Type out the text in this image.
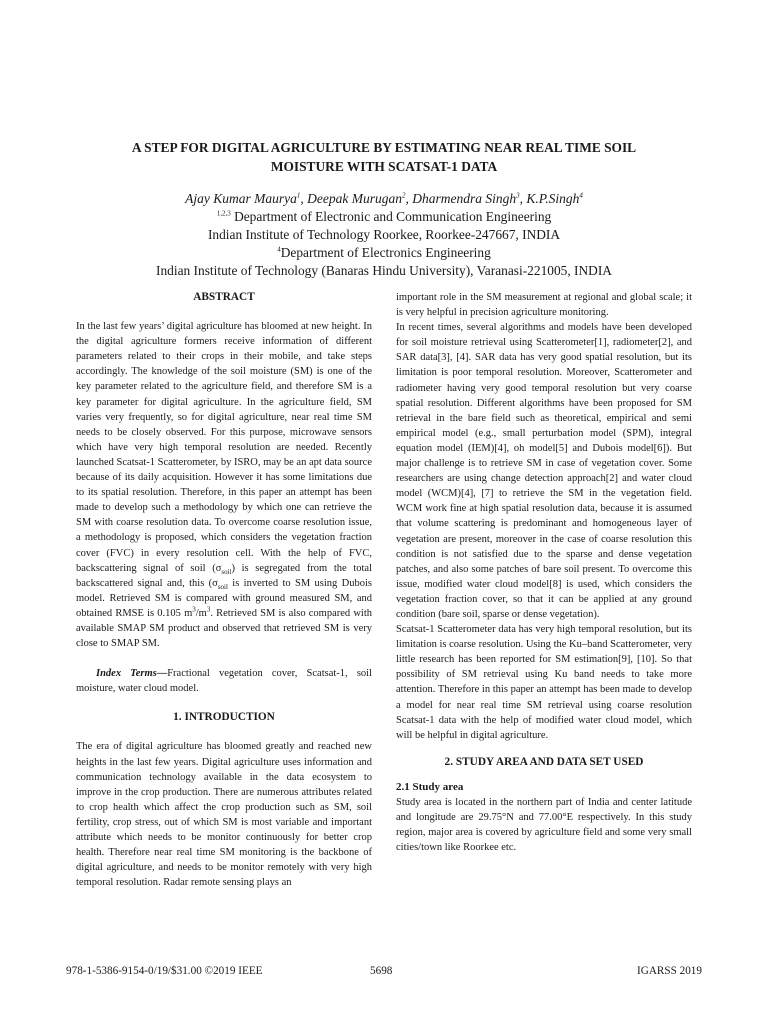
A STEP FOR DIGITAL AGRICULTURE BY ESTIMATING NEAR REAL TIME SOIL
MOISTURE WITH SCATSAT-1 DATA
Ajay Kumar Maurya$^1$, Deepak Murugan$^2$, Dharmendra Singh$^3$, K.P.Singh$^4$
$^{1,2,3}$ Department of Electronic and Communication Engineering
Indian Institute of Technology Roorkee, Roorkee-247667, INDIA
$^4$Department of Electronics Engineering
Indian Institute of Technology (Banaras Hindu University), Varanasi-221005, INDIA

ABSTRACT

In the last few years’ digital agriculture has bloomed at new height. In the digital agriculture formers receive information of different parameters related to their crops in their mobile, and take steps accordingly. The knowledge of the soil moisture (SM) is one of the key parameter related to the agriculture field, and therefore SM is a key parameter for digital agriculture. In the agriculture field, SM varies very frequently, so for digital agriculture, near real time SM needs to be closely observed. For this purpose, microwave sensors which have very high temporal resolution are needed. Recently launched Scatsat-1 Scatterometer, by ISRO, may be an apt data source because of its daily acquisition. However it has some limitations due to its spatial resolution. Therefore, in this paper an attempt has been made to develop such a methodology by which one can retrieve the SM with coarse resolution data. To overcome coarse resolution issue, a methodology is proposed, which considers the vegetation fraction cover (FVC) in every resolution cell. With the help of FVC, backscattering signal of soil $(\sigma_{soil})$ is segregated from the total backscattered signal and, this ($\sigma_{soil}$ is inverted to SM using Dubois model. Retrieved SM is compared with ground measured SM, and obtained RMSE is 0.105 $m^3/m^3$. Retrieved SM is also compared with available SMAP SM product and observed that retrieved SM is very close to SMAP SM.

Index Terms—Fractional vegetation cover, Scatsat-1, soil moisture, water cloud model.

1. INTRODUCTION

The era of digital agriculture has bloomed greatly and reached new heights in the last few years. Digital agriculture uses information and communication technology available in the data ecosystem to improve in the crop production. There are numerous attributes related to crop health which affect the crop production such as SM, soil fertility, crop stress, out of which SM is most variable and important attribute which needs to be monitor continuously for better crop health. Therefore near real time SM monitoring is the backbone of digital agriculture, and needs to be monitor remotely with very high temporal resolution. Radar remote sensing plays an

important role in the SM measurement at regional and global scale; it is very helpful in precision agriculture monitoring.

In recent times, several algorithms and models have been developed for soil moisture retrieval using Scatterometer[1], radiometer[2], and SAR data[3], [4]. SAR data has very good spatial resolution, but its limitation is poor temporal resolution. Moreover, Scatterometer and radiometer having very good temporal resolution but very coarse spatial resolution. Different algorithms have been proposed for SM retrieval in the bare field such as theoretical, empirical and semi empirical model (e.g., small perturbation model (SPM), integral equation model (IEM)[4], oh model[5] and Dubois model[6]). But major challenge is to retrieve SM in case of vegetation cover. Some researchers are using change detection approach[2] and water cloud model (WCM)[4], [7] to retrieve the SM in the vegetation field. WCM work fine at high spatial resolution data, because it is assumed that volume scattering is predominant and homogeneous layer of vegetation are present, moreover in the case of coarse resolution this condition is not satisfied due to the sparse and dense vegetation patches, and also some patches of bare soil present. To overcome this issue, modified water cloud model[8] is used, which considers the vegetation fraction cover, so that it can be applied at any ground condition (bare soil, sparse or dense vegetation).

Scatsat-1 Scatterometer data has very high temporal resolution, but its limitation is coarse resolution. Using the Ku–band Scatterometer, very little research has been reported for SM estimation[9], [10]. So that possibility of SM retrieval using Ku band needs to take more attention. Therefore in this paper an attempt has been made to develop a model for near real time SM retrieval using coarse resolution Scatsat-1 data with the help of modified water cloud model, which will be helpful in digital agriculture.

2. STUDY AREA AND DATA SET USED

2.1 Study area

Study area is located in the northern part of India and center latitude and longitude are 29.75°N and 77.00°E respectively. In this study region, major area is covered by agriculture field and some very small cities/town like Roorkee etc.

978-1-5386-9154-0/19/$31.00 ©2019 IEEE	5698	IGARSS 2019
